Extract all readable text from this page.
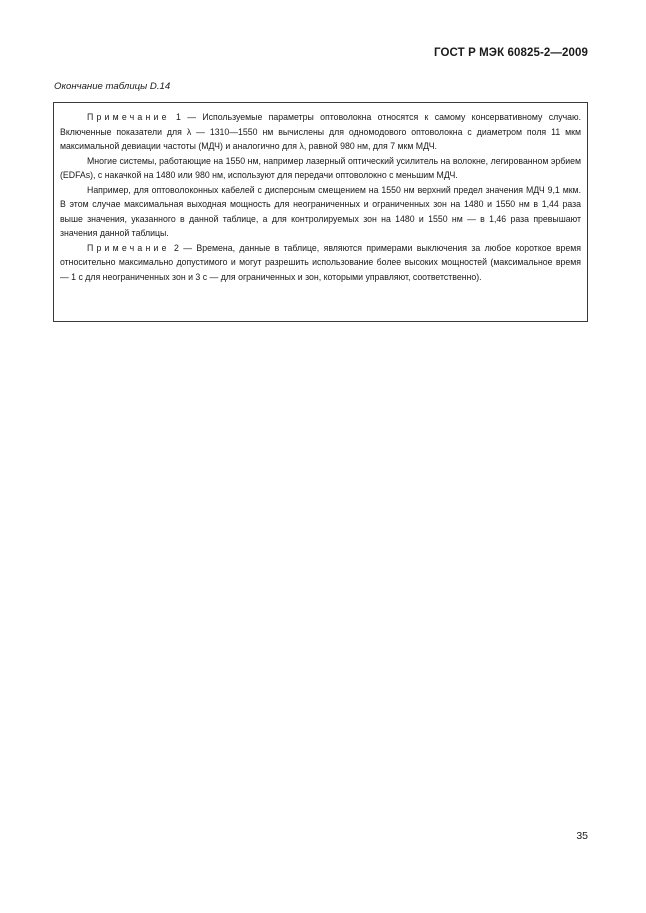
ГОСТ Р МЭК 60825-2—2009
Окончание таблицы D.14

Примечание 1 — Используемые параметры оптоволокна относятся к самому консервативному случаю. Включенные показатели для λ — 1310—1550 нм вычислены для одномодового оптоволокна с диаметром поля 11 мкм максимальной девиации частоты (МДЧ) и аналогично для λ, равной 980 нм, для 7 мкм МДЧ.

Многие системы, работающие на 1550 нм, например лазерный оптический усилитель на волокне, легированном эрбием (EDFAs), с накачкой на 1480 или 980 нм, используют для передачи оптоволокно с меньшим МДЧ.

Например, для оптоволоконных кабелей с дисперсным смещением на 1550 нм верхний предел значения МДЧ 9,1 мкм. В этом случае максимальная выходная мощность для неограниченных и ограниченных зон на 1480 и 1550 нм в 1,44 раза выше значения, указанного в данной таблице, а для контролируемых зон на 1480 и 1550 нм — в 1,46 раза превышают значения данной таблицы.

Примечание 2 — Времена, данные в таблице, являются примерами выключения за любое короткое время относительно максимально допустимого и могут разрешить использование более высоких мощностей (максимальное время — 1 с для неограниченных зон и 3 с — для ограниченных и зон, которыми управляют, соответственно).

35
